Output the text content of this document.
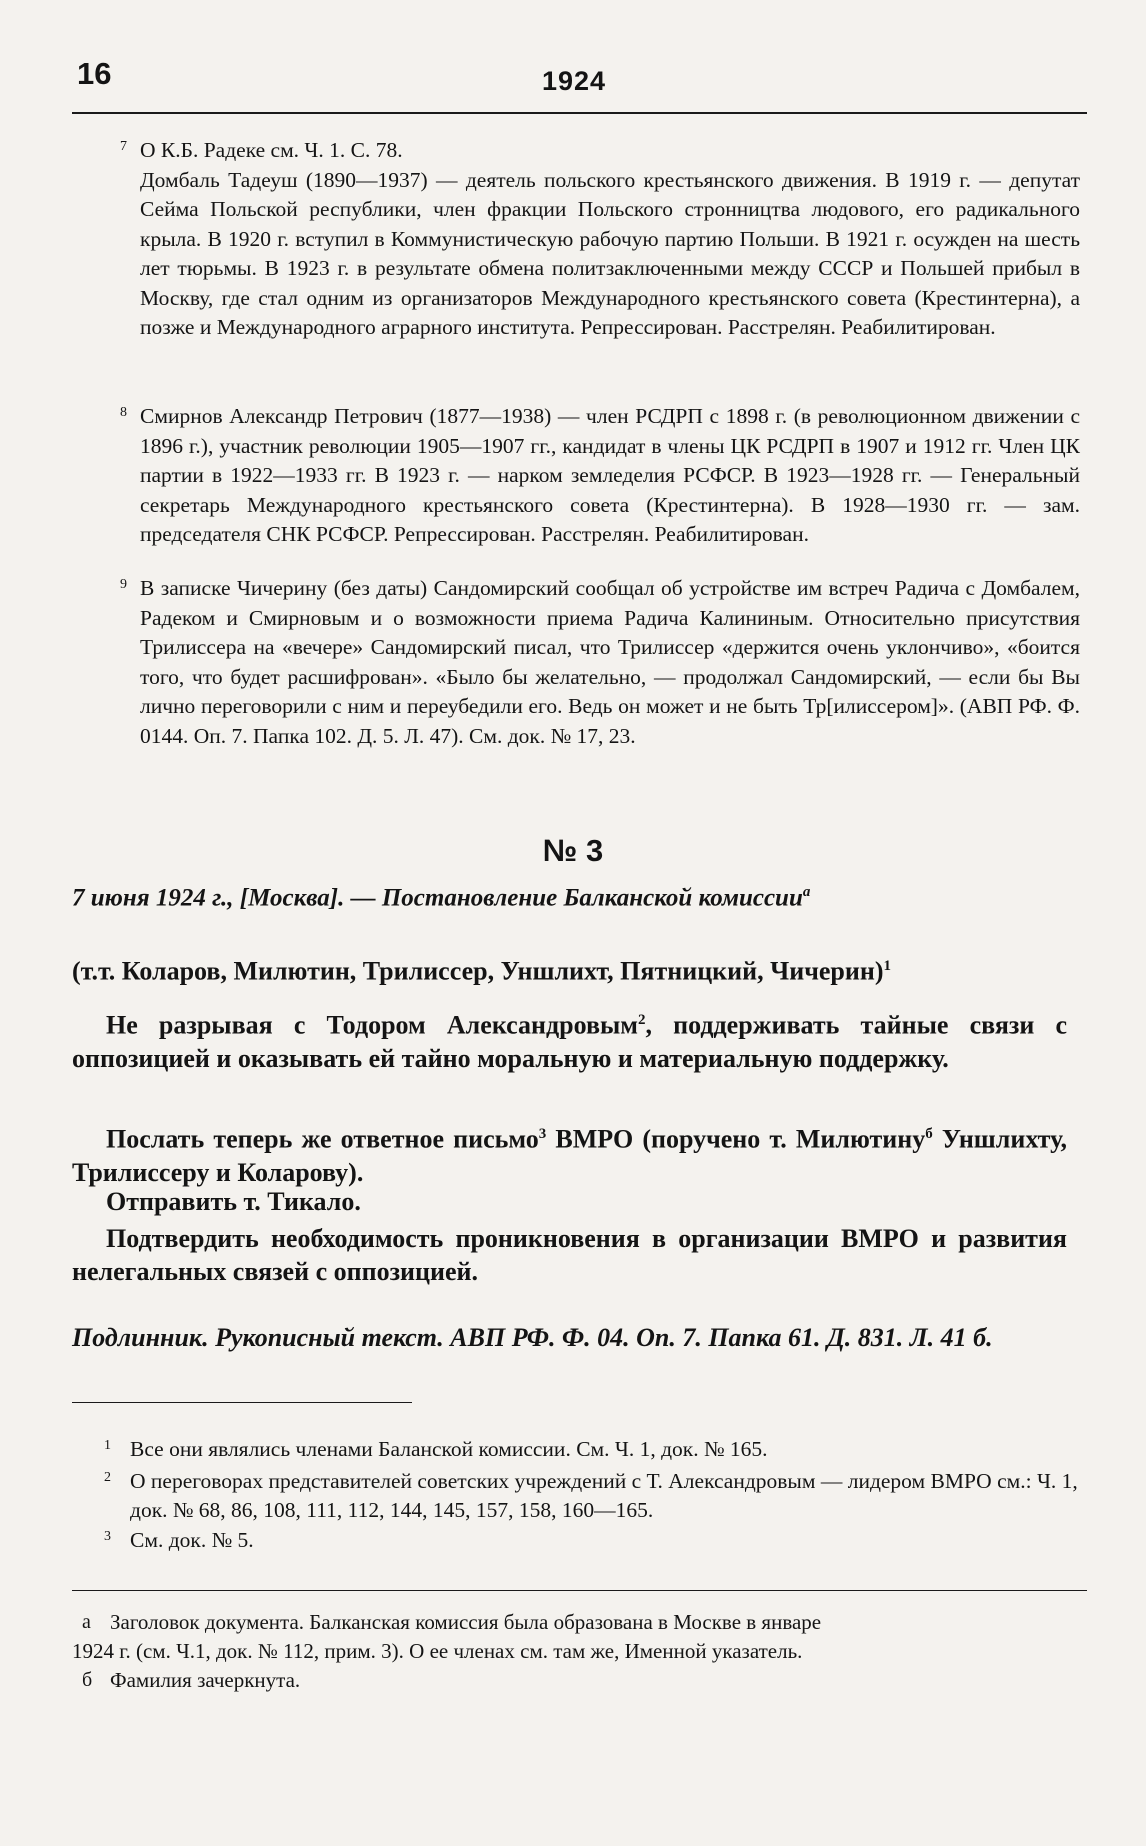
16	1924
7 О К.Б. Радеке см. Ч. 1. С. 78.
Домбаль Тадеуш (1890—1937) — деятель польского крестьянского движения. В 1919 г. — депутат Сейма Польской республики, член фракции Польского стронництва людового, его радикального крыла. В 1920 г. вступил в Коммунистическую рабочую партию Польши. В 1921 г. осужден на шесть лет тюрьмы. В 1923 г. в результате обмена политзаключенными между СССР и Польшей прибыл в Москву, где стал одним из организаторов Международного крестьянского совета (Крестинтерна), а позже и Международного аграрного института. Репрессирован. Расстрелян. Реабилитирован.
8 Смирнов Александр Петрович (1877—1938) — член РСДРП с 1898 г. (в революционном движении с 1896 г.), участник революции 1905—1907 гг., кандидат в члены ЦК РСДРП в 1907 и 1912 гг. Член ЦК партии в 1922—1933 гг. В 1923 г. — нарком земледелия РСФСР. В 1923—1928 гг. — Генеральный секретарь Международного крестьянского совета (Крестинтерна). В 1928—1930 гг. — зам. председателя СНК РСФСР. Репрессирован. Расстрелян. Реабилитирован.
9 В записке Чичерину (без даты) Сандомирский сообщал об устройстве им встреч Радича с Домбалем, Радеком и Смирновым и о возможности приема Радича Калининым. Относительно присутствия Трилиссера на «вечере» Сандомирский писал, что Трилиссер «держится очень уклончиво», «боится того, что будет расшифрован». «Было бы желательно, — продолжал Сандомирский, — если бы Вы лично переговорили с ним и переубедили его. Ведь он может и не быть Тр[илиссером]». (АВП РФ. Ф. 0144. Оп. 7. Папка 102. Д. 5. Л. 47). См. док. № 17, 23.
№ 3
7 июня 1924 г., [Москва]. — Постановление Балканской комиссии$^а$
(т.т. Коларов, Милютин, Трилиссер, Уншлихт, Пятницкий, Чичерин)$^1$
Не разрывая с Тодором Александровым$^2$, поддерживать тайные связи с оппозицией и оказывать ей тайно моральную и материальную поддержку.
Послать теперь же ответное письмо$^3$ ВМРО (поручено т. Милютину$^б$ Уншлихту, Трилиссеру и Коларову).
Отправить т. Тикало.
Подтвердить необходимость проникновения в организации ВМРО и развития нелегальных связей с оппозицией.
Подлинник. Рукописный текст. АВП РФ. Ф. 04. Оп. 7. Папка 61. Д. 831. Л. 41 б.
1 Все они являлись членами Баланской комиссии. См. Ч. 1, док. № 165.
2 О переговорах представителей советских учреждений с Т. Александровым — лидером ВМРО см.: Ч. 1, док. № 68, 86, 108, 111, 112, 144, 145, 157, 158, 160—165.
3 См. док. № 5.
а Заголовок документа. Балканская комиссия была образована в Москве в январе
1924 г. (см. Ч.1, док. № 112, прим. 3). О ее членах см. там же, Именной указатель.
б Фамилия зачеркнута.
